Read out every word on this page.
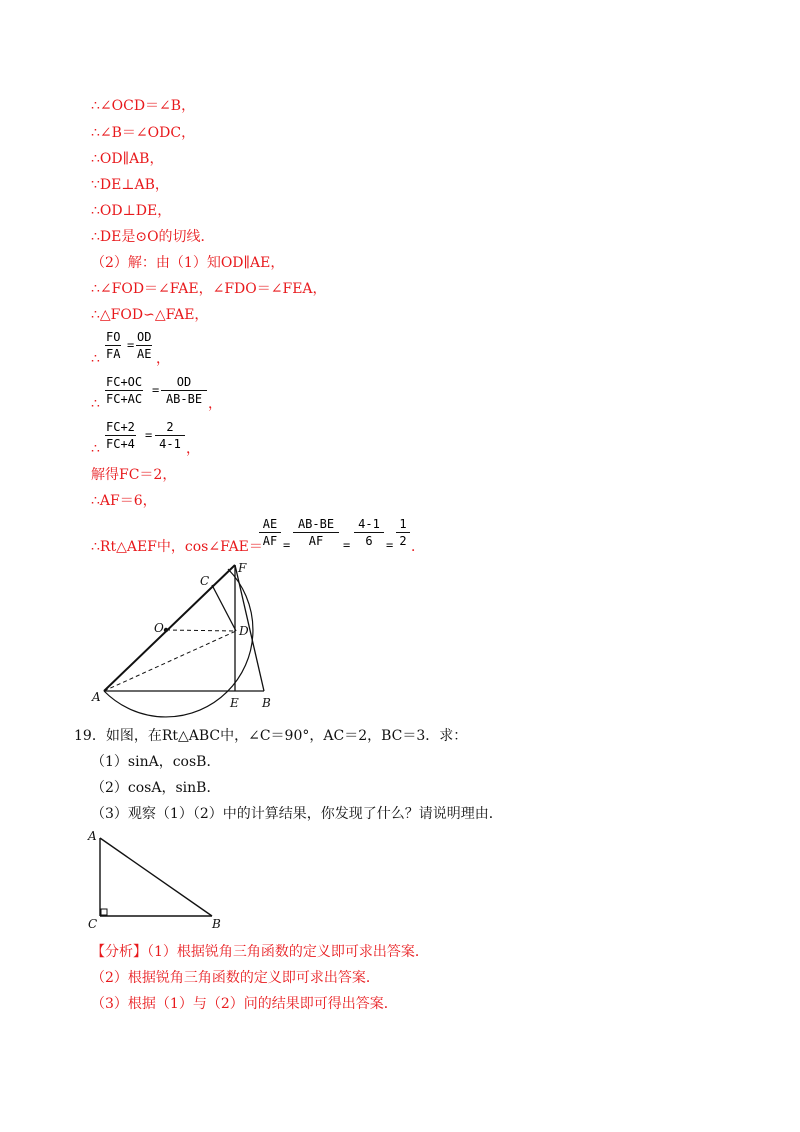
∴∠OCD＝∠B，
∴∠B＝∠ODC，
∴OD∥AB，
∵DE⊥AB，
∴OD⊥DE，
∴DE是⊙O的切线．
（2）解：由（1）知OD∥AE，
∴∠FOD＝∠FAE，∠FDO＝∠FEA，
∴△FOD∽△FAE，
∴ $\frac{FO}{FA} = \frac{OD}{AE}$ ，
∴ $\frac{FC+OC}{FC+AC} = \frac{OD}{AB-BE}$ ，
∴ $\frac{FC+2}{FC+4} = \frac{2}{4-1}$ ，
解得FC＝2，
∴AF＝6，
∴Rt△AEF中，cos∠FAE＝
$\frac{AE}{AF} = \frac{AB-BE}{AF} = \frac{4-1}{6} = \frac{1}{2}$ ．
A	B
C
D
E
F
O
19．如图，在Rt△ABC中，∠C＝90°，AC＝2，BC＝3．求：
（1）sinA，cosB．
（2）cosA，sinB．
（3）观察（1）（2）中的计算结果，你发现了什么？请说明理由．
A
B
C
【分析】（1）根据锐角三角函数的定义即可求出答案．
（2）根据锐角三角函数的定义即可求出答案．
（3）根据（1）与（2）问的结果即可得出答案．
